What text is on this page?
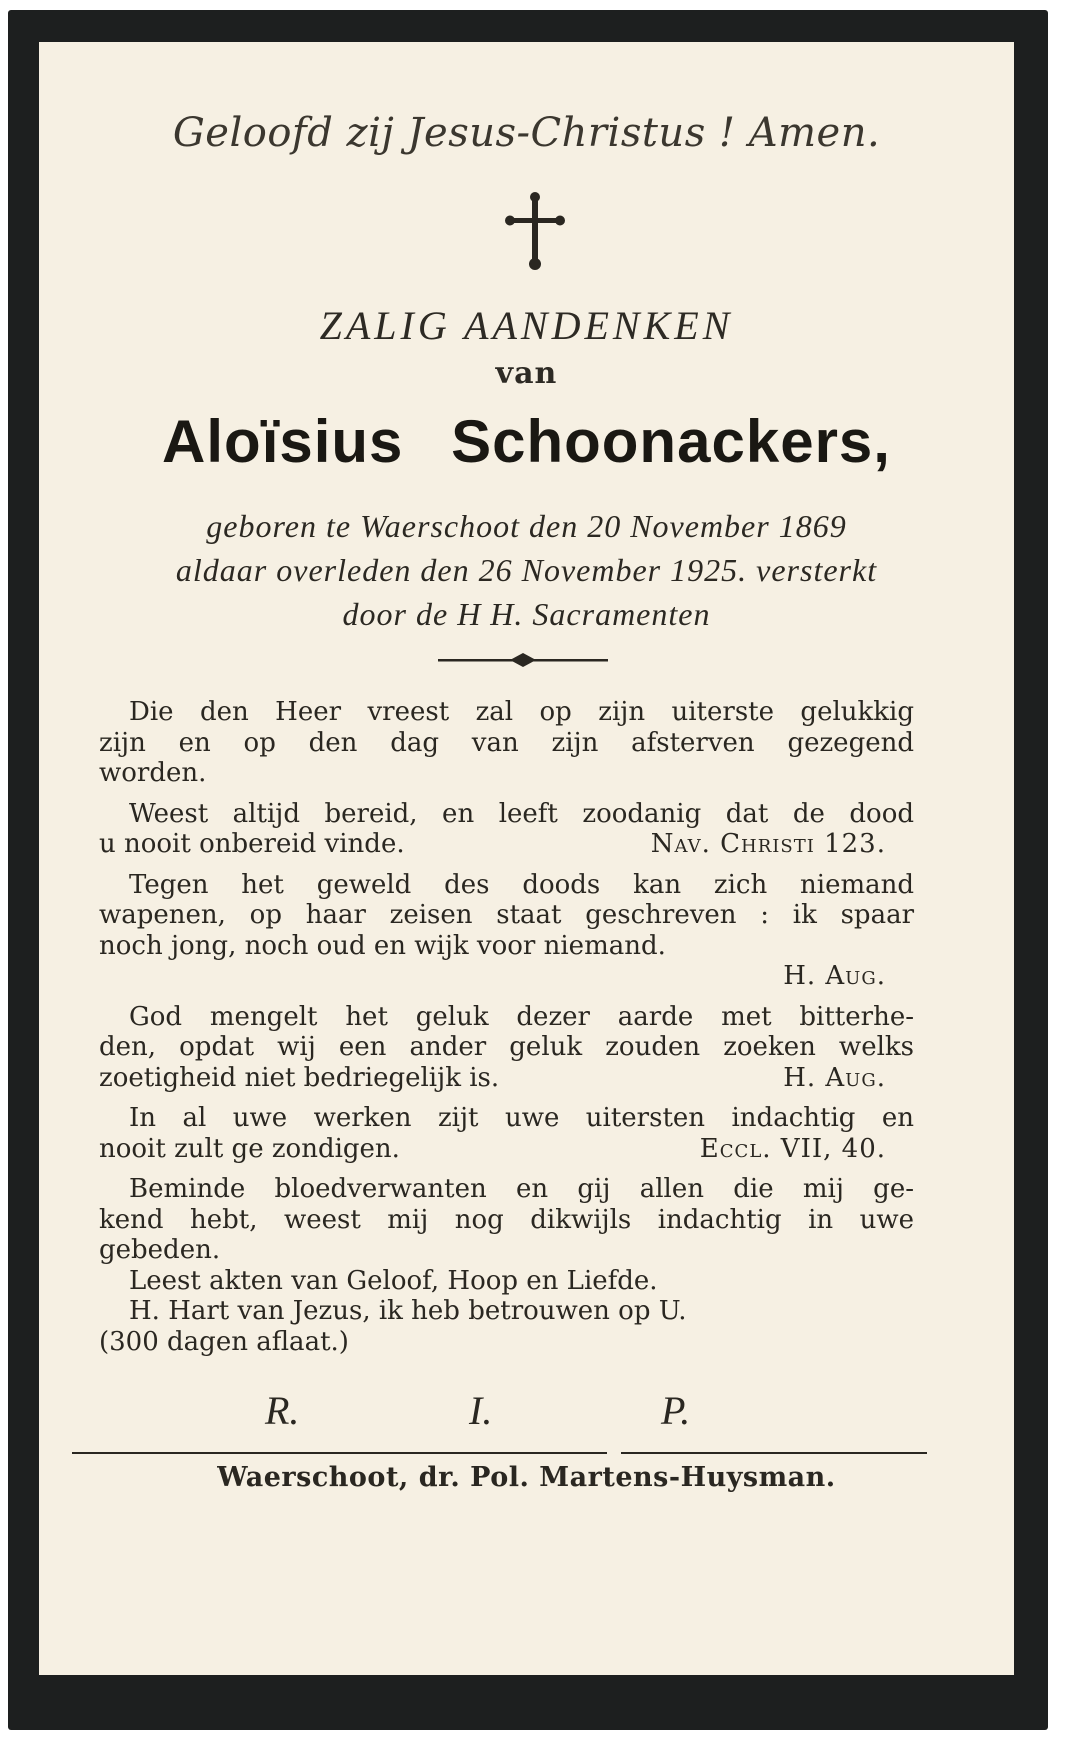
Geloofd zij Jesus-Christus ! Amen.
ZALIG AANDENKEN
van
Aloïsius Schoonackers,
geboren te Waerschoot den 20 November 1869
aldaar overleden den 26 November 1925. versterkt
door de H H. Sacramenten
Die den Heer vreest zal op zijn uiterste gelukkig
zijn en op den dag van zijn afsterven gezegend
worden.
Weest altijd bereid, en leeft zoodanig dat de dood
u nooit onbereid vinde.	Nav. Christi 123.
Tegen het geweld des doods kan zich niemand
wapenen, op haar zeisen staat geschreven : ik spaar
noch jong, noch oud en wijk voor niemand.
H. Aug.
God mengelt het geluk dezer aarde met bitterhe-
den, opdat wij een ander geluk zouden zoeken welks
zoetigheid niet bedriegelijk is.	H. Aug.
In al uwe werken zijt uwe uitersten indachtig en
nooit zult ge zondigen.	Eccl. VII, 40.
Beminde bloedverwanten en gij allen die mij ge-
kend hebt, weest mij nog dikwijls indachtig in uwe
gebeden.
Leest akten van Geloof, Hoop en Liefde.
H. Hart van Jezus, ik heb betrouwen op U.
(300 dagen aflaat.)
R.	I.	P.
Waerschoot, dr. Pol. Martens-Huysman.
